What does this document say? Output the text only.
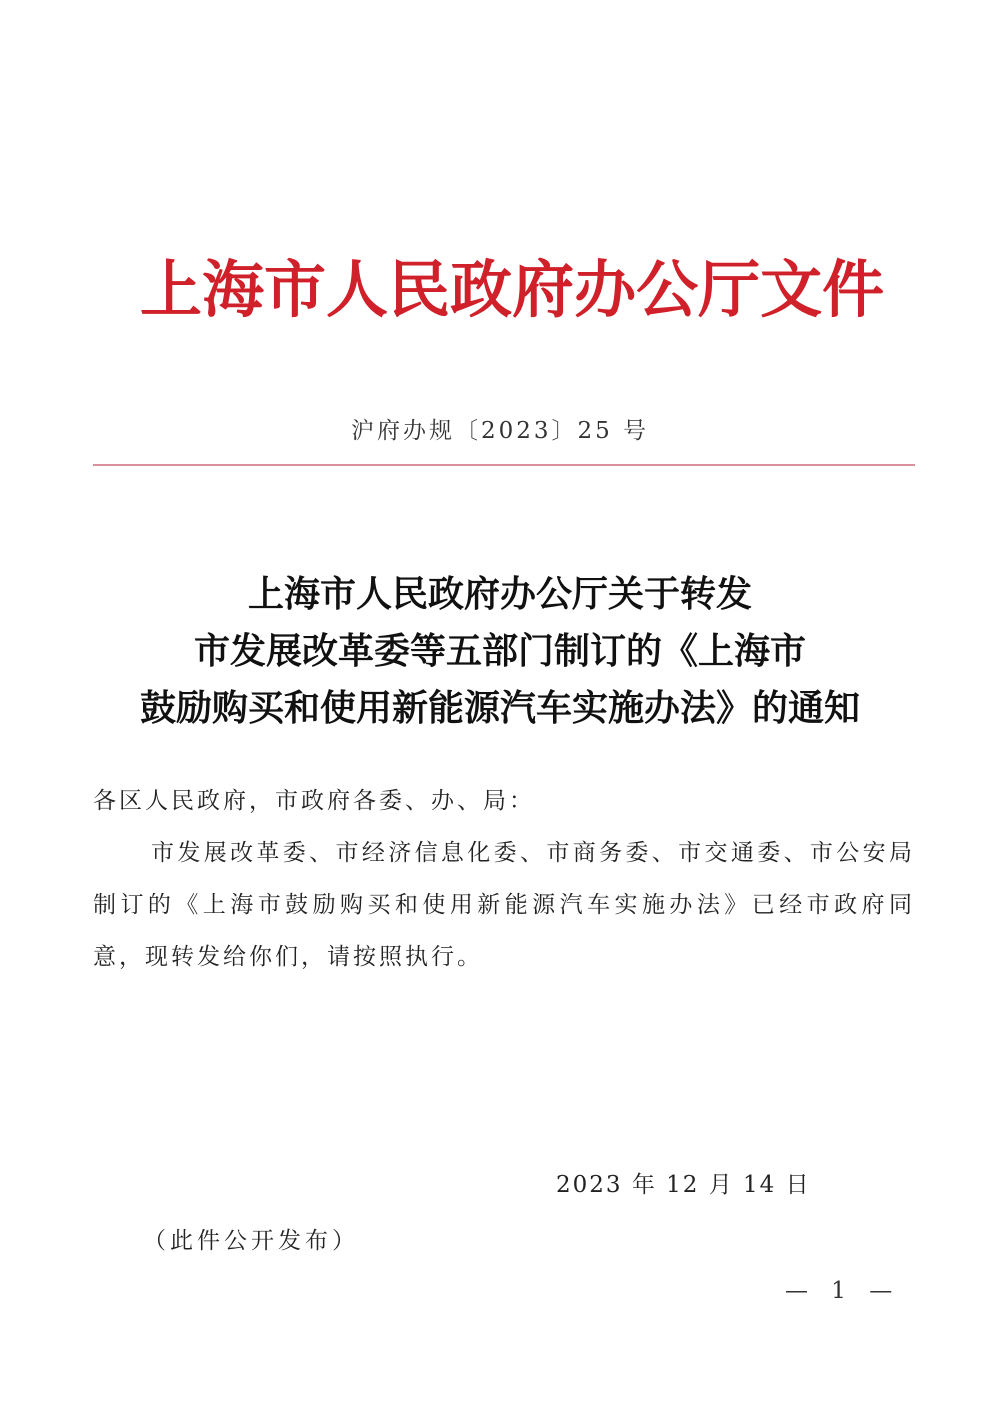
上 海 市 人 民 政 府 办 公 厅 文 件
沪府办规〔2023〕25 号
上海市人民政府办公厅关于转发
市发展改革委等五部门制订的《上海市
鼓励购买和使用新能源汽车实施办法》的通知

各区人民政府，市政府各委、办、局：

市发展改革委、市经济信息化委、市商务委、市交通委、市公安局制订的《上海市鼓励购买和使用新能源汽车实施办法》已经市政府同意，现转发给你们，请按照执行。

2023 年 12 月 14 日
（此件公开发布）
— 1 —
